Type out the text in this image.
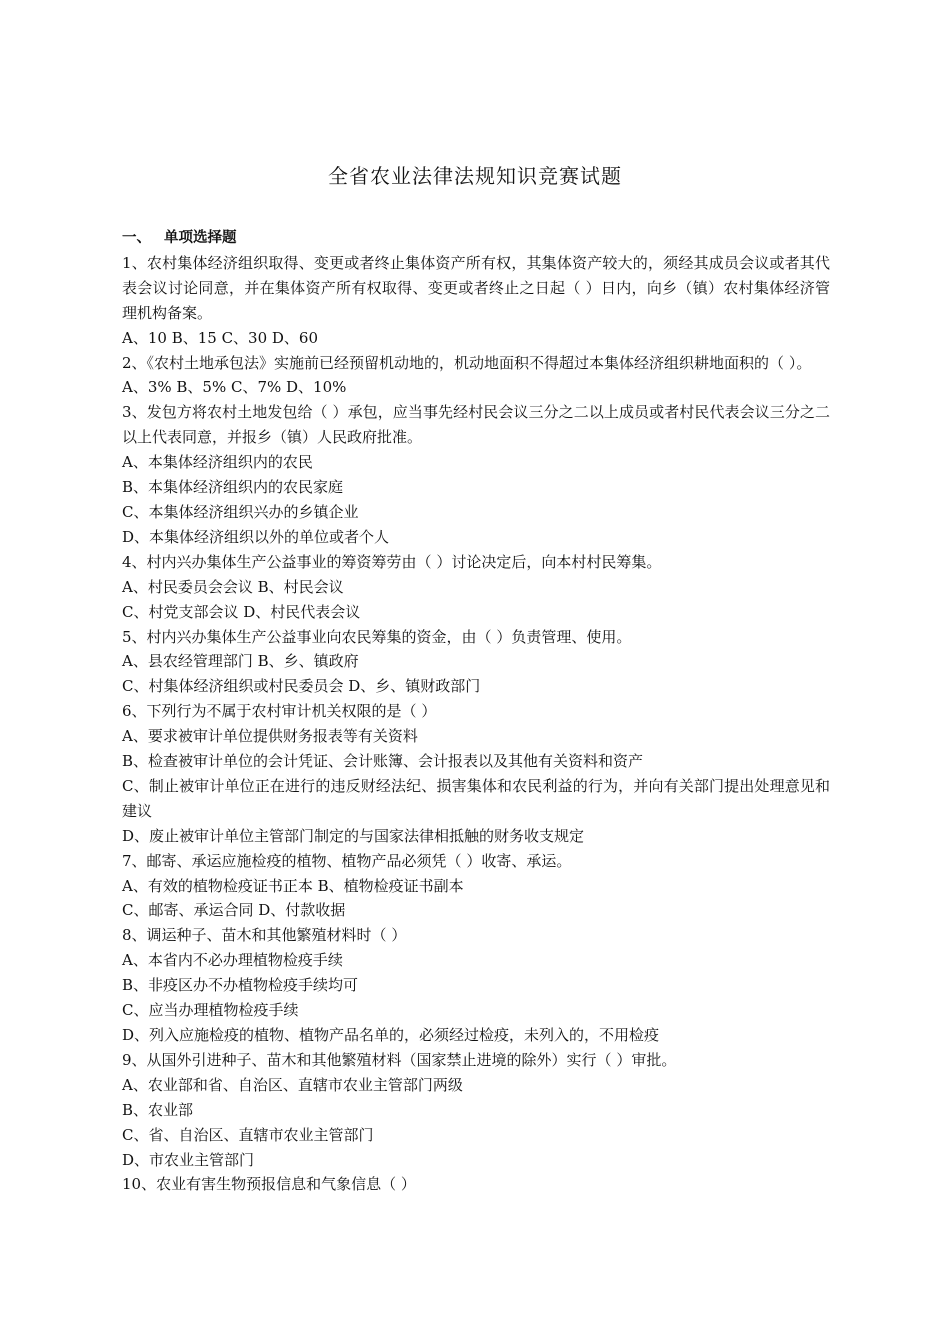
全省农业法律法规知识竞赛试题
一、 单项选择题

1、农村集体经济组织取得、变更或者终止集体资产所有权，其集体资产较大的，须经其成员会议或者其代表会议讨论同意，并在集体资产所有权取得、变更或者终止之日起（ ）日内，向乡（镇）农村集体经济管理机构备案。

A、10 B、15 C、30 D、60

2、《农村土地承包法》实施前已经预留机动地的，机动地面积不得超过本集体经济组织耕地面积的（ ）。

A、3% B、5% C、7% D、10%

3、发包方将农村土地发包给（ ）承包，应当事先经村民会议三分之二以上成员或者村民代表会议三分之二以上代表同意，并报乡（镇）人民政府批准。

A、本集体经济组织内的农民

B、本集体经济组织内的农民家庭

C、本集体经济组织兴办的乡镇企业

D、本集体经济组织以外的单位或者个人

4、村内兴办集体生产公益事业的筹资筹劳由（ ）讨论决定后，向本村村民筹集。

A、村民委员会会议 B、村民会议

C、村党支部会议 D、村民代表会议

5、村内兴办集体生产公益事业向农民筹集的资金，由（ ）负责管理、使用。

A、县农经管理部门 B、乡、镇政府

C、村集体经济组织或村民委员会 D、乡、镇财政部门

6、下列行为不属于农村审计机关权限的是（ ）

A、要求被审计单位提供财务报表等有关资料

B、检查被审计单位的会计凭证、会计账簿、会计报表以及其他有关资料和资产

C、制止被审计单位正在进行的违反财经法纪、损害集体和农民利益的行为，并向有关部门提出处理意见和建议

D、废止被审计单位主管部门制定的与国家法律相抵触的财务收支规定

7、邮寄、承运应施检疫的植物、植物产品必须凭（ ）收寄、承运。

A、有效的植物检疫证书正本 B、植物检疫证书副本

C、邮寄、承运合同 D、付款收据

8、调运种子、苗木和其他繁殖材料时（ ）

A、本省内不必办理植物检疫手续

B、非疫区办不办植物检疫手续均可

C、应当办理植物检疫手续

D、列入应施检疫的植物、植物产品名单的，必须经过检疫，未列入的，不用检疫

9、从国外引进种子、苗木和其他繁殖材料（国家禁止进境的除外）实行（ ）审批。

A、农业部和省、自治区、直辖市农业主管部门两级

B、农业部

C、省、自治区、直辖市农业主管部门

D、市农业主管部门

10、农业有害生物预报信息和气象信息（ ）
